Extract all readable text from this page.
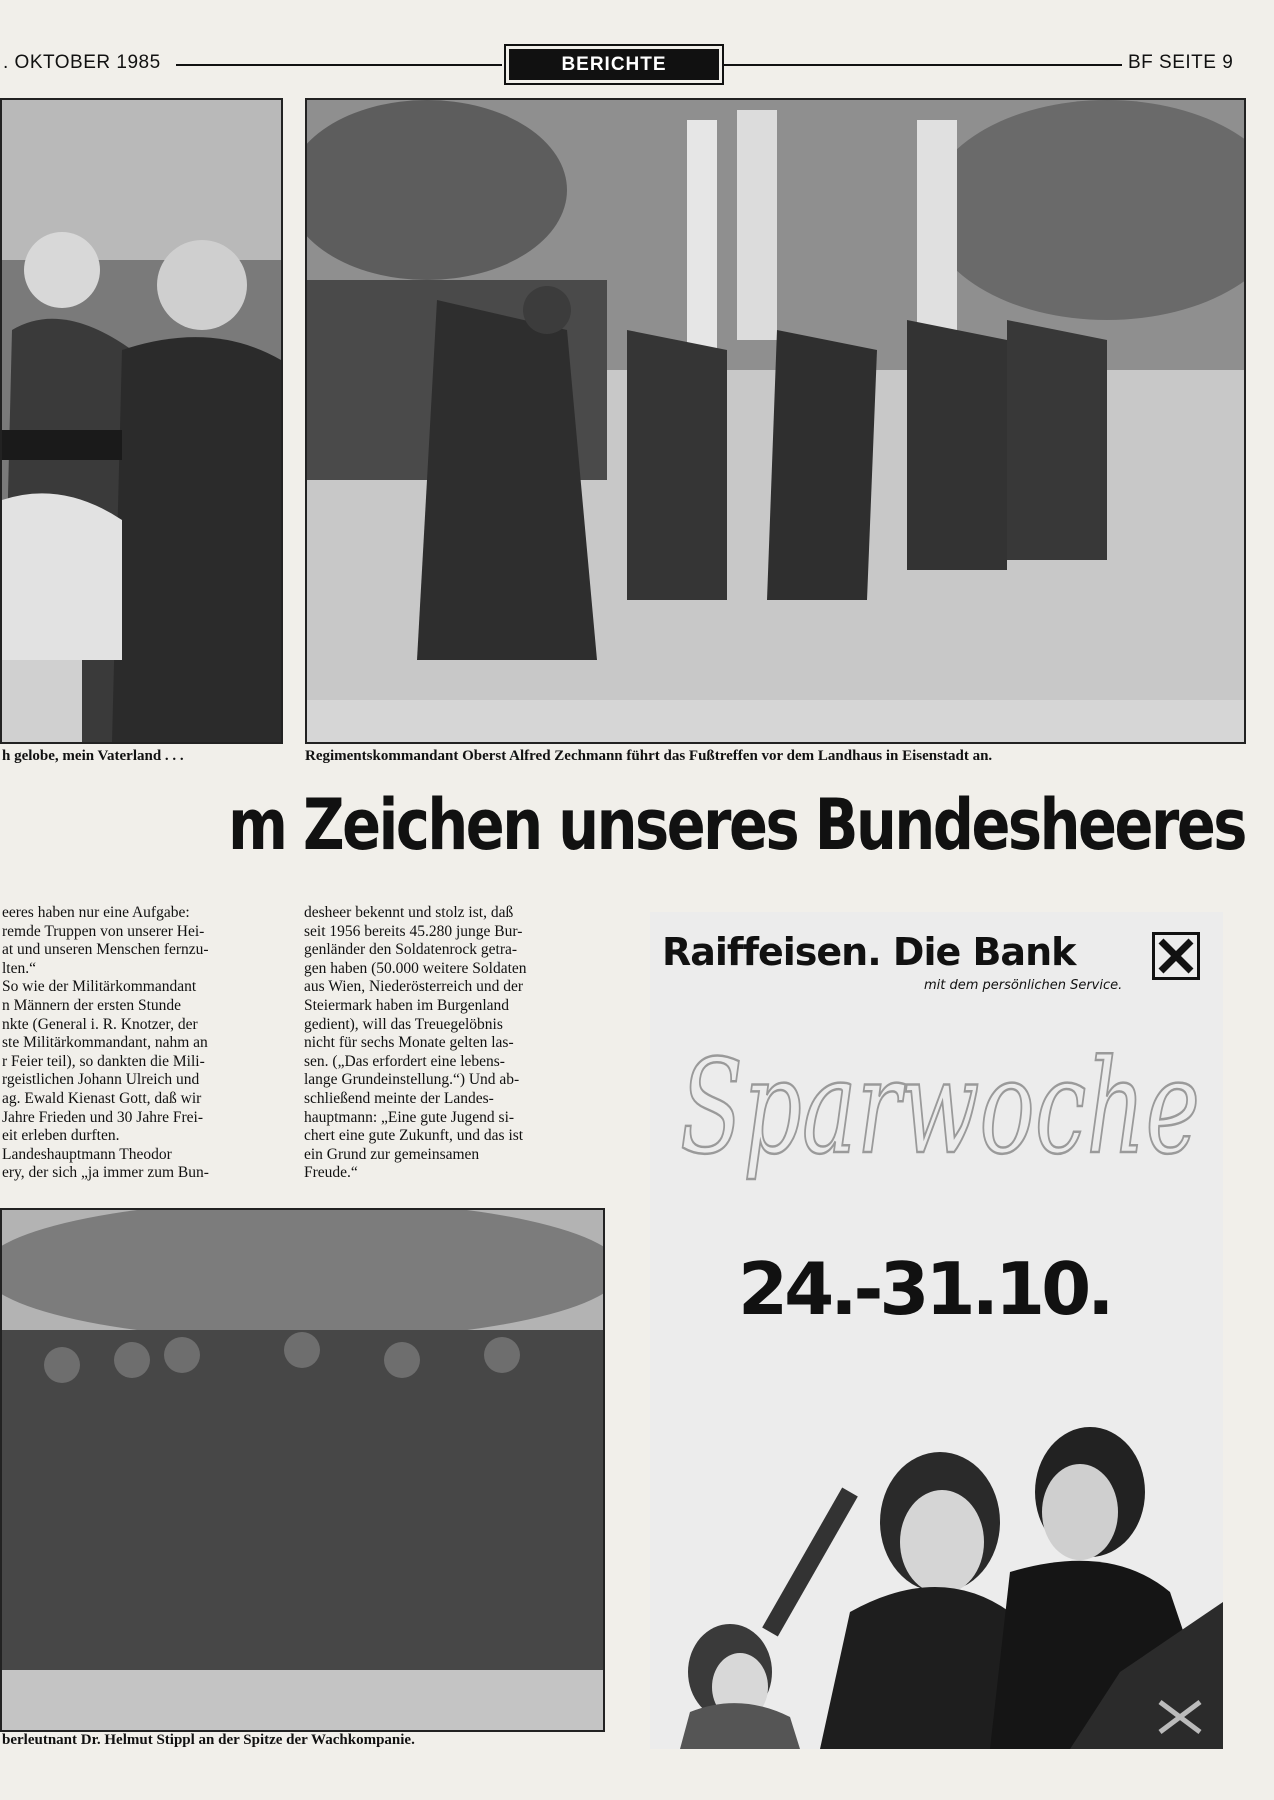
. OKTOBER 1985	BERICHTE	BF SEITE 9
h gelobe, mein Vaterland . . .	Regimentskommandant Oberst Alfred Zechmann führt das Fußtreffen vor dem Landhaus in Eisenstadt an.
m Zeichen unseres Bundesheeres

eeres haben nur eine Aufgabe:

remde Truppen von unserer Hei-

at und unseren Menschen fernzu-

lten.“

So wie der Militärkommandant

n Männern der ersten Stunde

nkte (General i. R. Knotzer, der

ste Militärkommandant, nahm an

r Feier teil), so dankten die Mili-

rgeistlichen Johann Ulreich und

ag. Ewald Kienast Gott, daß wir

Jahre Frieden und 30 Jahre Frei-

eit erleben durften.

Landeshauptmann Theodor

ery, der sich „ja immer zum Bun-

desheer bekennt und stolz ist, daß

seit 1956 bereits 45.280 junge Bur-

genländer den Soldatenrock getra-

gen haben (50.000 weitere Soldaten

aus Wien, Niederösterreich und der

Steiermark haben im Burgenland

gedient), will das Treuegelöbnis

nicht für sechs Monate gelten las-

sen. („Das erfordert eine lebens-

lange Grundeinstellung.“) Und ab-

schließend meinte der Landes-

hauptmann: „Eine gute Jugend si-

chert eine gute Zukunft, und das ist

ein Grund zur gemeinsamen

Freude.“

berleutnant Dr. Helmut Stippl an der Spitze der Wachkompanie.
Raiffeisen. Die Bank
mit dem persönlichen Service.
Sparwoche
24.-31.10.
